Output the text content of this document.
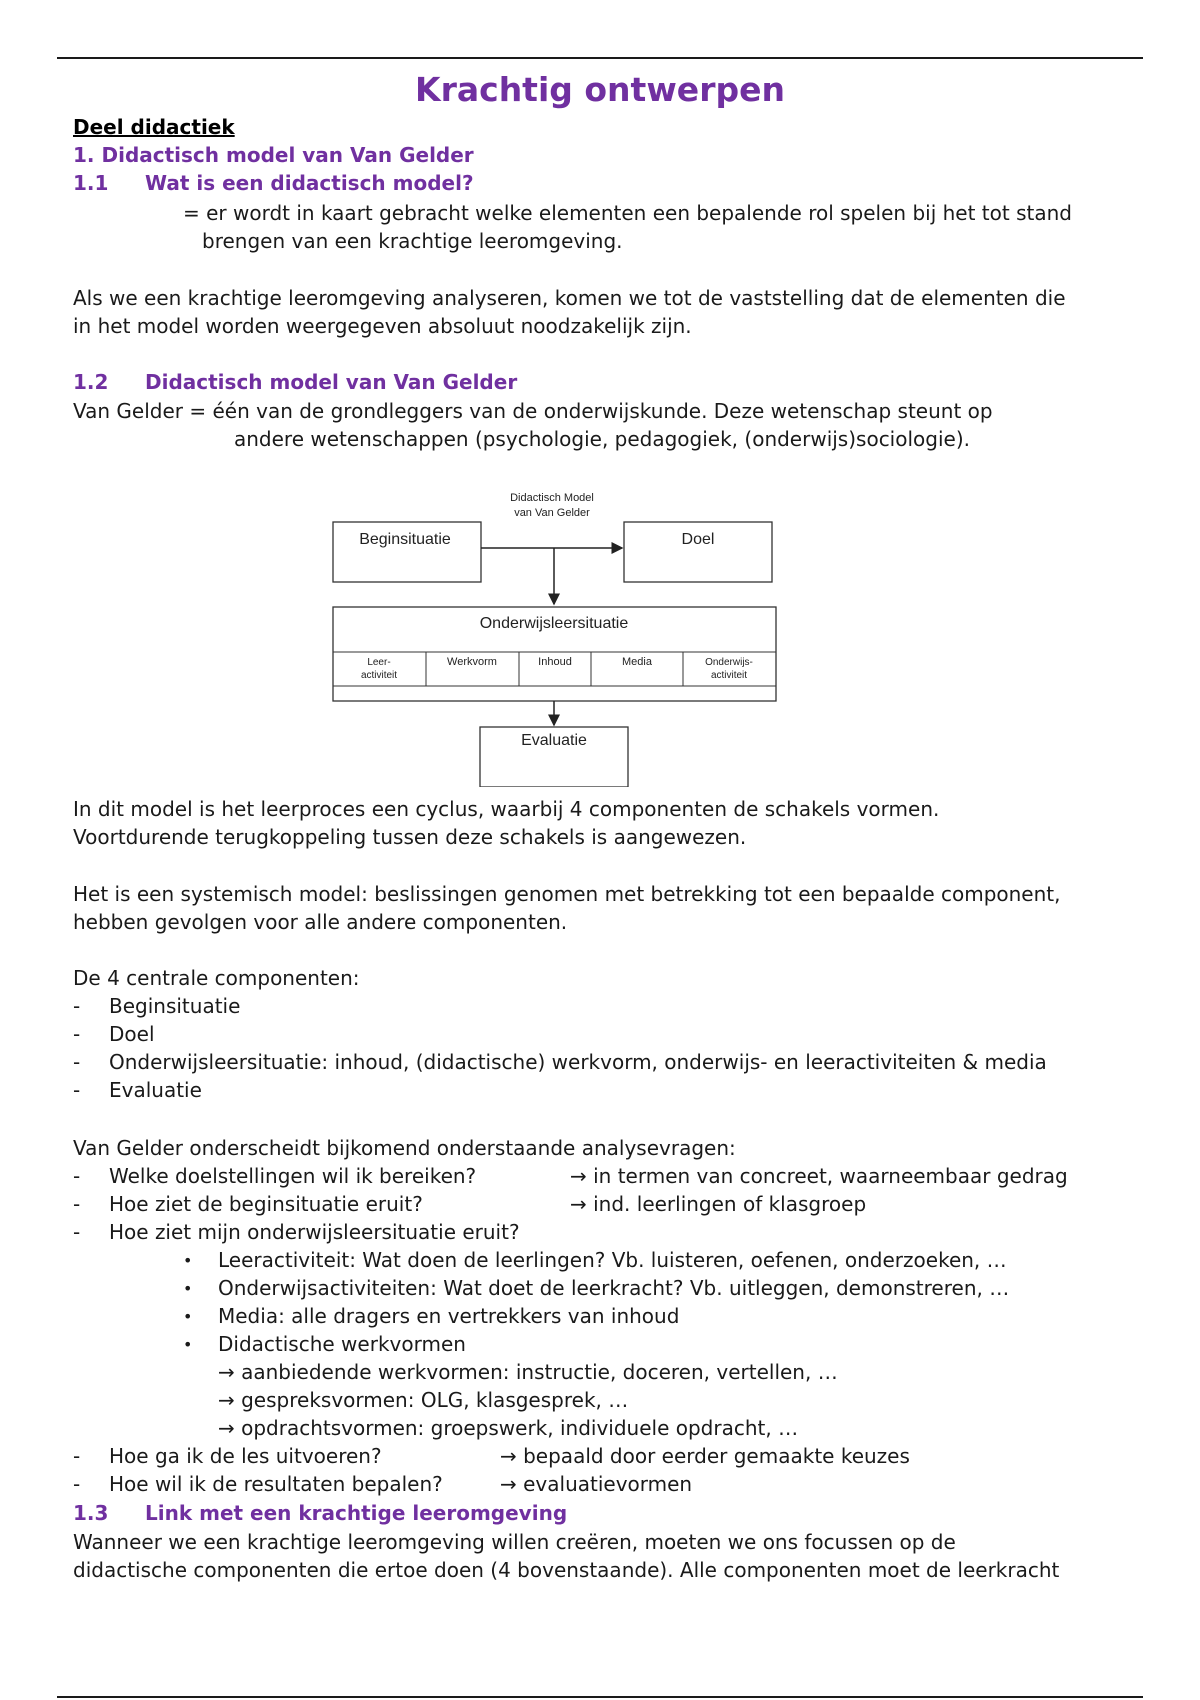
Krachtig ontwerpen
Deel didactiek
1. Didactisch model van Van Gelder
1.1 Wat is een didactisch model?
= er wordt in kaart gebracht welke elementen een bepalende rol spelen bij het tot stand
brengen van een krachtige leeromgeving.
Als we een krachtige leeromgeving analyseren, komen we tot de vaststelling dat de elementen die
in het model worden weergegeven absoluut noodzakelijk zijn.
1.2 Didactisch model van Van Gelder
Van Gelder = één van de grondleggers van de onderwijskunde. Deze wetenschap steunt op
andere wetenschappen (psychologie, pedagogiek, (onderwijs)sociologie).
Didactisch Model
van Van Gelder
Beginsituatie	Doel
Onderwijsleersituatie
Leer-
activiteit
Werkvorm	Inhoud	Media	Onderwijs-
activiteit
Evaluatie
In dit model is het leerproces een cyclus, waarbij 4 componenten de schakels vormen.
Voortdurende terugkoppeling tussen deze schakels is aangewezen.
Het is een systemisch model: beslissingen genomen met betrekking tot een bepaalde component,
hebben gevolgen voor alle andere componenten.
De 4 centrale componenten:
- Beginsituatie
- Doel
- Onderwijsleersituatie: inhoud, (didactische) werkvorm, onderwijs- en leeractiviteiten & media
- Evaluatie
Van Gelder onderscheidt bijkomend onderstaande analysevragen:
- Welke doelstellingen wil ik bereiken?	→ in termen van concreet, waarneembaar gedrag
- Hoe ziet de beginsituatie eruit?	→ ind. leerlingen of klasgroep
- Hoe ziet mijn onderwijsleersituatie eruit?
• Leeractiviteit: Wat doen de leerlingen? Vb. luisteren, oefenen, onderzoeken, …
• Onderwijsactiviteiten: Wat doet de leerkracht? Vb. uitleggen, demonstreren, …
• Media: alle dragers en vertrekkers van inhoud
• Didactische werkvormen
→ aanbiedende werkvormen: instructie, doceren, vertellen, …
→ gespreksvormen: OLG, klasgesprek, …
→ opdrachtsvormen: groepswerk, individuele opdracht, …
- Hoe ga ik de les uitvoeren?	→ bepaald door eerder gemaakte keuzes
- Hoe wil ik de resultaten bepalen?	→ evaluatievormen
1.3 Link met een krachtige leeromgeving
Wanneer we een krachtige leeromgeving willen creëren, moeten we ons focussen op de
didactische componenten die ertoe doen (4 bovenstaande). Alle componenten moet de leerkracht
